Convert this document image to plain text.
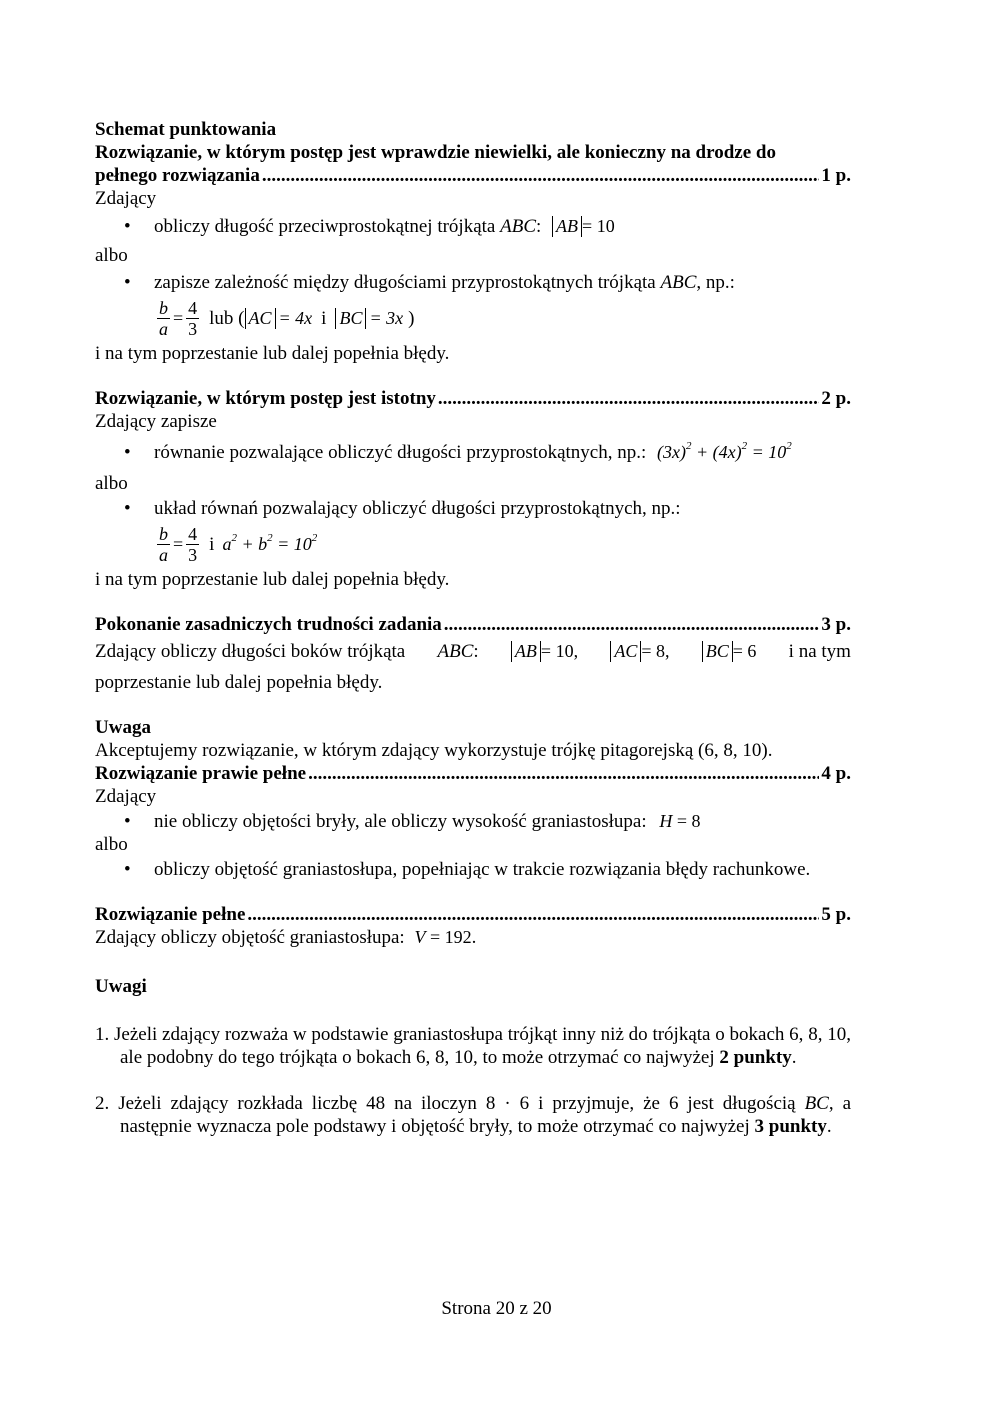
Schemat punktowania
Rozwiązanie, w którym postęp jest wprawdzie niewielki, ale konieczny na drodze do
pełnego rozwiązania .....	1 p.
Zdający
• obliczy długość przeciwprostokątnej trójkąta ABC: AB = 10
albo
• zapisze zależność między długościami przyprostokątnych trójkąta ABC, np.:
$\frac{b}{a} = \frac{4}{3}$ lub ( AC = 4x i BC = 3x )
i na tym poprzestanie lub dalej popełnia błędy.
Rozwiązanie, w którym postęp jest istotny .....	2 p.
Zdający zapisze
• równanie pozwalające obliczyć długości przyprostokątnych, np.: $(3x)^2 + (4x)^2 = 10^2$
albo
• układ równań pozwalający obliczyć długości przyprostokątnych, np.:
$\frac{b}{a} = \frac{4}{3}$ i $a^2 + b^2 = 10^2$
i na tym poprzestanie lub dalej popełnia błędy.
Pokonanie zasadniczych trudności zadania .....	3 p.
Zdający obliczy długości boków trójkąta ABC: AB = 10, AC = 8, BC = 6 i na tym
poprzestanie lub dalej popełnia błędy.
Uwaga
Akceptujemy rozwiązanie, w którym zdający wykorzystuje trójkę pitagorejską (6, 8, 10).
Rozwiązanie prawie pełne .....	4 p.
Zdający
• nie obliczy objętości bryły, ale obliczy wysokość graniastosłupa: H = 8
albo
• obliczy objętość graniastosłupa, popełniając w trakcie rozwiązania błędy rachunkowe.
Rozwiązanie pełne .....	5 p.
Zdający obliczy objętość graniastosłupa: V = 192.
Uwagi
1. Jeżeli zdający rozważa w podstawie graniastosłupa trójkąt inny niż do trójkąta o bokach 6, 8, 10, ale podobny do tego trójkąta o bokach 6, 8, 10, to może otrzymać co najwyżej 2 punkty.
2. Jeżeli zdający rozkłada liczbę 48 na iloczyn 8 · 6 i przyjmuje, że 6 jest długością BC, a następnie wyznacza pole podstawy i objętość bryły, to może otrzymać co najwyżej 3 punkty.
Strona 20 z 20
